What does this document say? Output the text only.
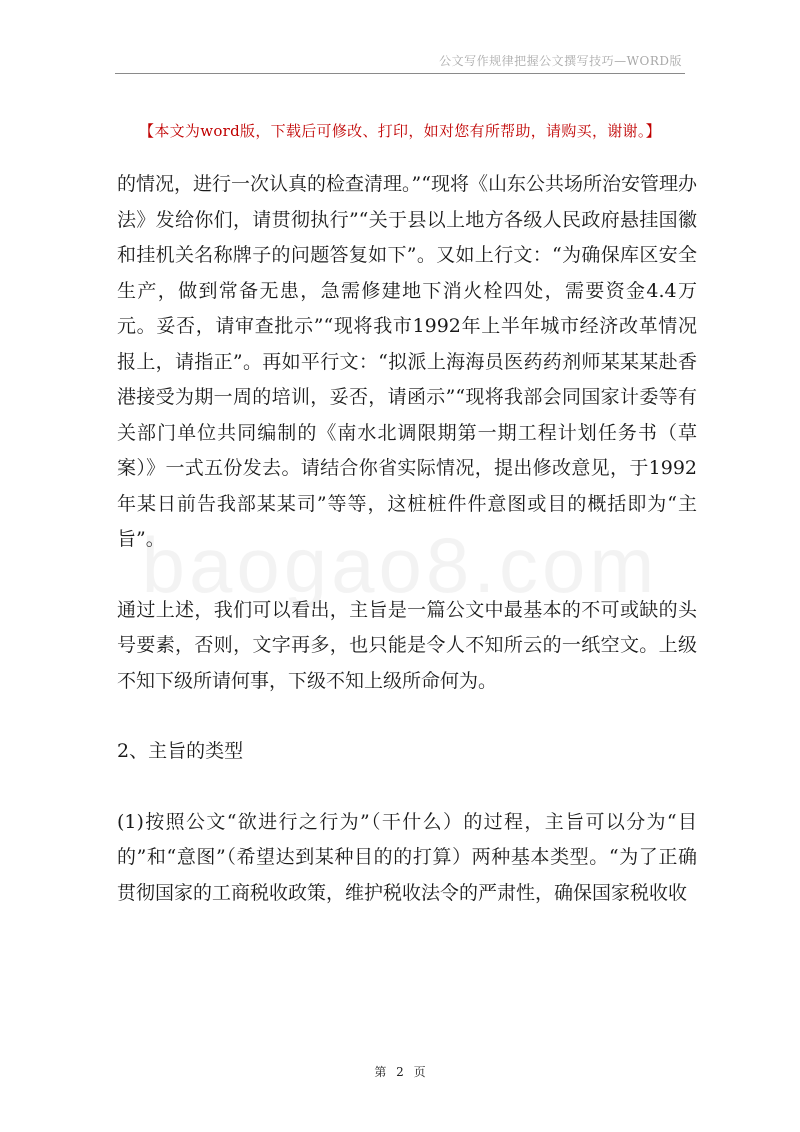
公文写作规律把握公文撰写技巧—WORD版
【本文为word版，下载后可修改、打印，如对您有所帮助，请购买，谢谢。】

的情况，进行一次认真的检查清理。”“现将《山东公共场所治安管理办法》发给你们，请贯彻执行”“关于县以上地方各级人民政府悬挂国徽和挂机关名称牌子的问题答复如下”。又如上行文：“为确保库区安全生产，做到常备无患，急需修建地下消火栓四处，需要资金4.4万元。妥否，请审查批示”“现将我市1992年上半年城市经济改革情况报上，请指正”。再如平行文：“拟派上海海员医药药剂师某某某赴香港接受为期一周的培训，妥否，请函示”“现将我部会同国家计委等有关部门单位共同编制的《南水北调限期第一期工程计划任务书（草案）》一式五份发去。请结合你省实际情况，提出修改意见，于1992年某日前告我部某某司”等等，这桩桩件件意图或目的概括即为“主旨”。

通过上述，我们可以看出，主旨是一篇公文中最基本的不可或缺的头号要素，否则，文字再多，也只能是令人不知所云的一纸空文。上级不知下级所请何事，下级不知上级所命何为。

2、主旨的类型

(1)按照公文“欲进行之行为”（干什么）的过程，主旨可以分为“目的”和“意图”（希望达到某种目的的打算）两种基本类型。“为了正确贯彻国家的工商税收政策，维护税收法令的严肃性，确保国家税收收

第 2 页
